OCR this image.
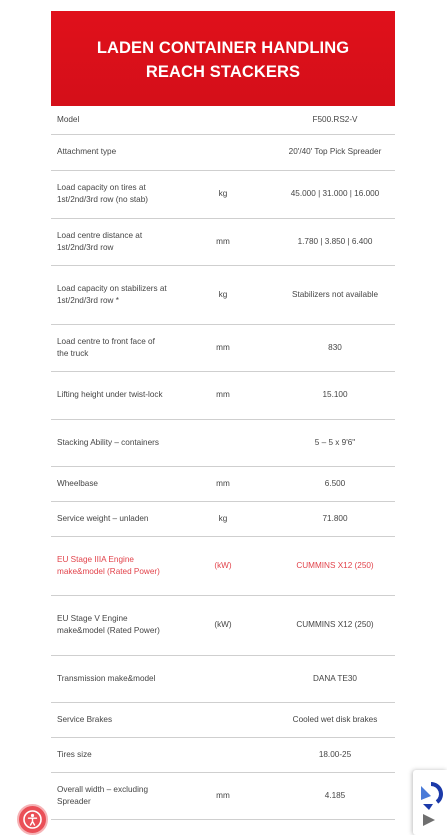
LADEN CONTAINER HANDLING
REACH STACKERS
Model		F500.RS2-V
Attachment type		20'/40' Top Pick Spreader
Load capacity on tires at 1st/2nd/3rd row (no stab)	kg	45.000 | 31.000 | 16.000
Load centre distance at 1st/2nd/3rd row	mm	1.780 | 3.850 | 6.400
Load capacity on stabilizers at 1st/2nd/3rd row *	kg	Stabilizers not available
Load centre to front face of the truck	mm	830
Lifting height under twist-lock	mm	15.100
Stacking Ability – containers		5 – 5 x 9'6"
Wheelbase	mm	6.500
Service weight – unladen	kg	71.800
EU Stage IIIA Engine make&model (Rated Power)	(kW)	CUMMINS X12 (250)
EU Stage V Engine make&model (Rated Power)	(kW)	CUMMINS X12 (250)
Transmission make&model		DANA TE30
Service Brakes		Cooled wet disk brakes
Tires size		18.00-25
Overall width – excluding Spreader	mm	4.185
